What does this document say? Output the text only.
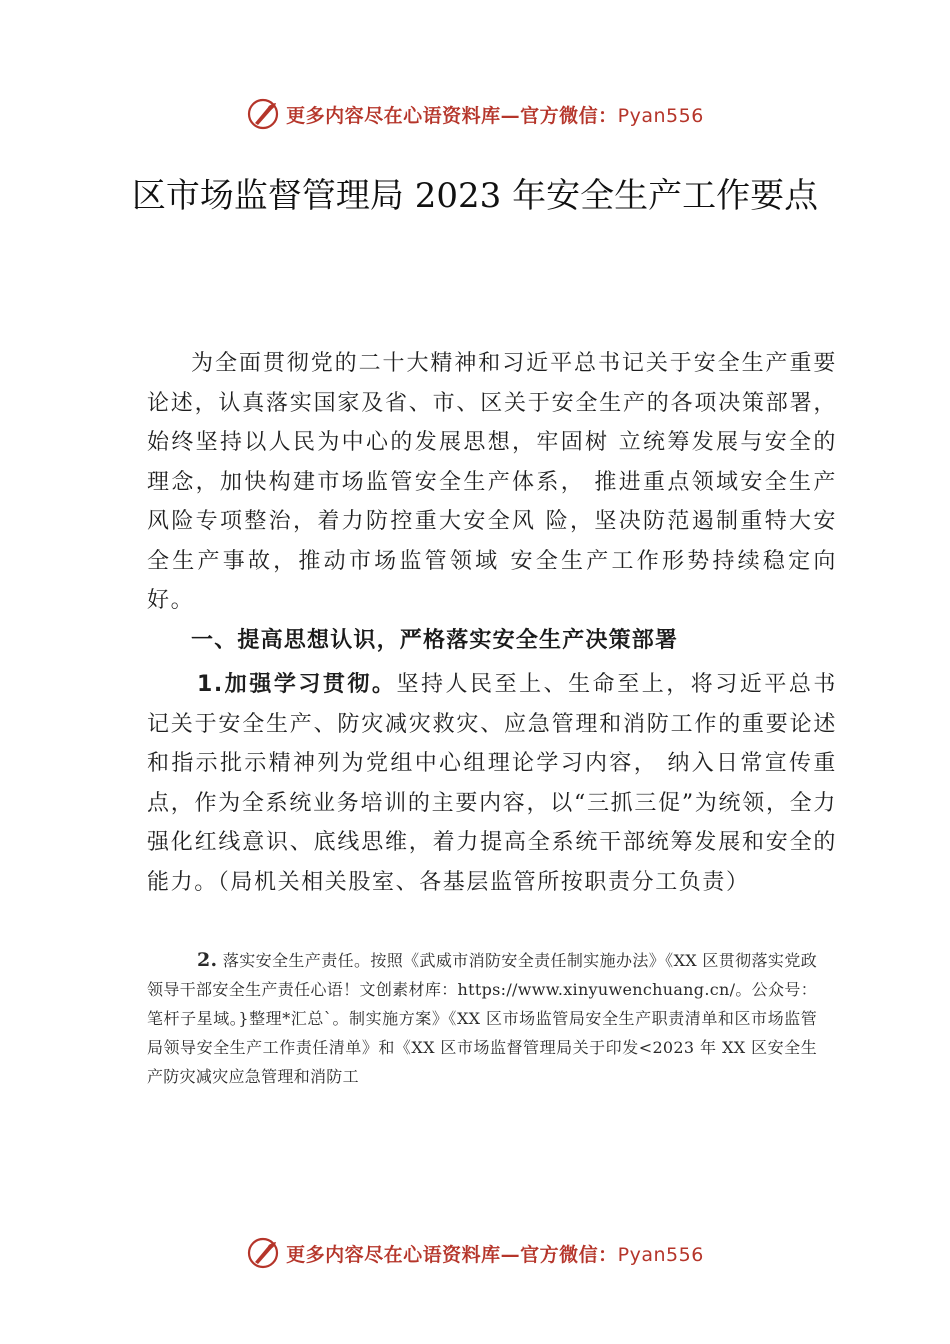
更多内容尽在心语资料库—官方微信：Pyan556
区市场监督管理局 2023 年安全生产工作要点

为全面贯彻党的二十大精神和习近平总书记关于安全生产重要论述，认真落实国家及省、市、区关于安全生产的各项决策部署，始终坚持以人民为中心的发展思想，牢固树 立统筹发展与安全的理念，加快构建市场监管安全生产体系， 推进重点领域安全生产风险专项整治，着力防控重大安全风 险，坚决防范遏制重特大安全生产事故，推动市场监管领域 安全生产工作形势持续稳定向好。

一、提高思想认识，严格落实安全生产决策部署

1.加强学习贯彻。坚持人民至上、生命至上，将习近平总书记关于安全生产、防灾减灾救灾、应急管理和消防工作的重要论述和指示批示精神列为党组中心组理论学习内容， 纳入日常宣传重点，作为全系统业务培训的主要内容，以“三抓三促”为统领，全力强化红线意识、底线思维，着力提高全系统干部统筹发展和安全的能力。（局机关相关股室、各基层监管所按职责分工负责）

2. 落实安全生产责任。按照《武威市消防安全责任制实施办法》《XX 区贯彻落实党政领导干部安全生产责任心语！文创素材库：https://www.xinyuwenchuang.cn/。公众号：笔杆子星域。}整理*汇总`。制实施方案》《XX 区市场监管局安全生产职责清单和区市场监管局领导安全生产工作责任清单》和《XX 区市场监督管理局关于印发<2023 年 XX 区安全生产防灾减灾应急管理和消防工

更多内容尽在心语资料库—官方微信：Pyan556
